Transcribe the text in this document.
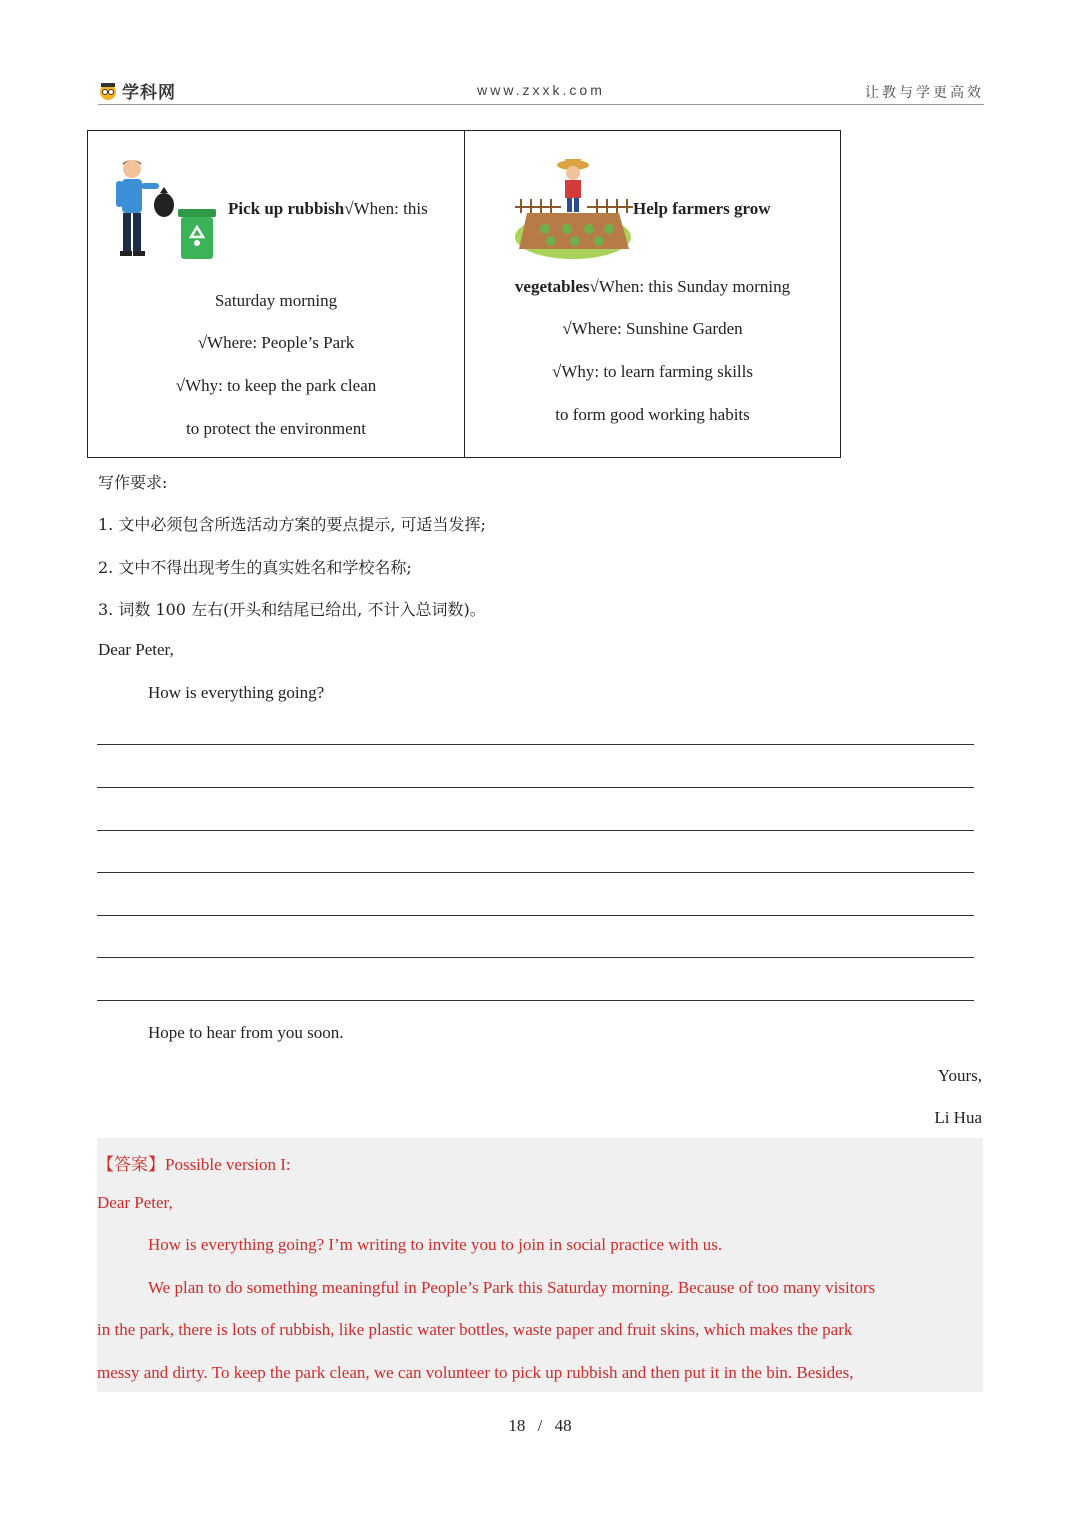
学科网	www.zxxk.com	让教与学更高效
Pick up rubbish√When: this
Saturday morning
√Where: People’s Park
√Why: to keep the park clean
to protect the environment
Help farmers grow
vegetables√When: this Sunday morning
√Where: Sunshine Garden
√Why: to learn farming skills
to form good working habits
写作要求:
1. 文中必须包含所选活动方案的要点提示, 可适当发挥;
2. 文中不得出现考生的真实姓名和学校名称;
3. 词数 100 左右(开头和结尾已给出, 不计入总词数)。
Dear Peter,
How is everything going?
Hope to hear from you soon.
Yours,
Li Hua
【答案】Possible version I:
Dear Peter,
How is everything going? I’m writing to invite you to join in social practice with us.
We plan to do something meaningful in People’s Park this Saturday morning. Because of too many visitors
in the park, there is lots of rubbish, like plastic water bottles, waste paper and fruit skins, which makes the park
messy and dirty. To keep the park clean, we can volunteer to pick up rubbish and then put it in the bin. Besides,
18 / 48
